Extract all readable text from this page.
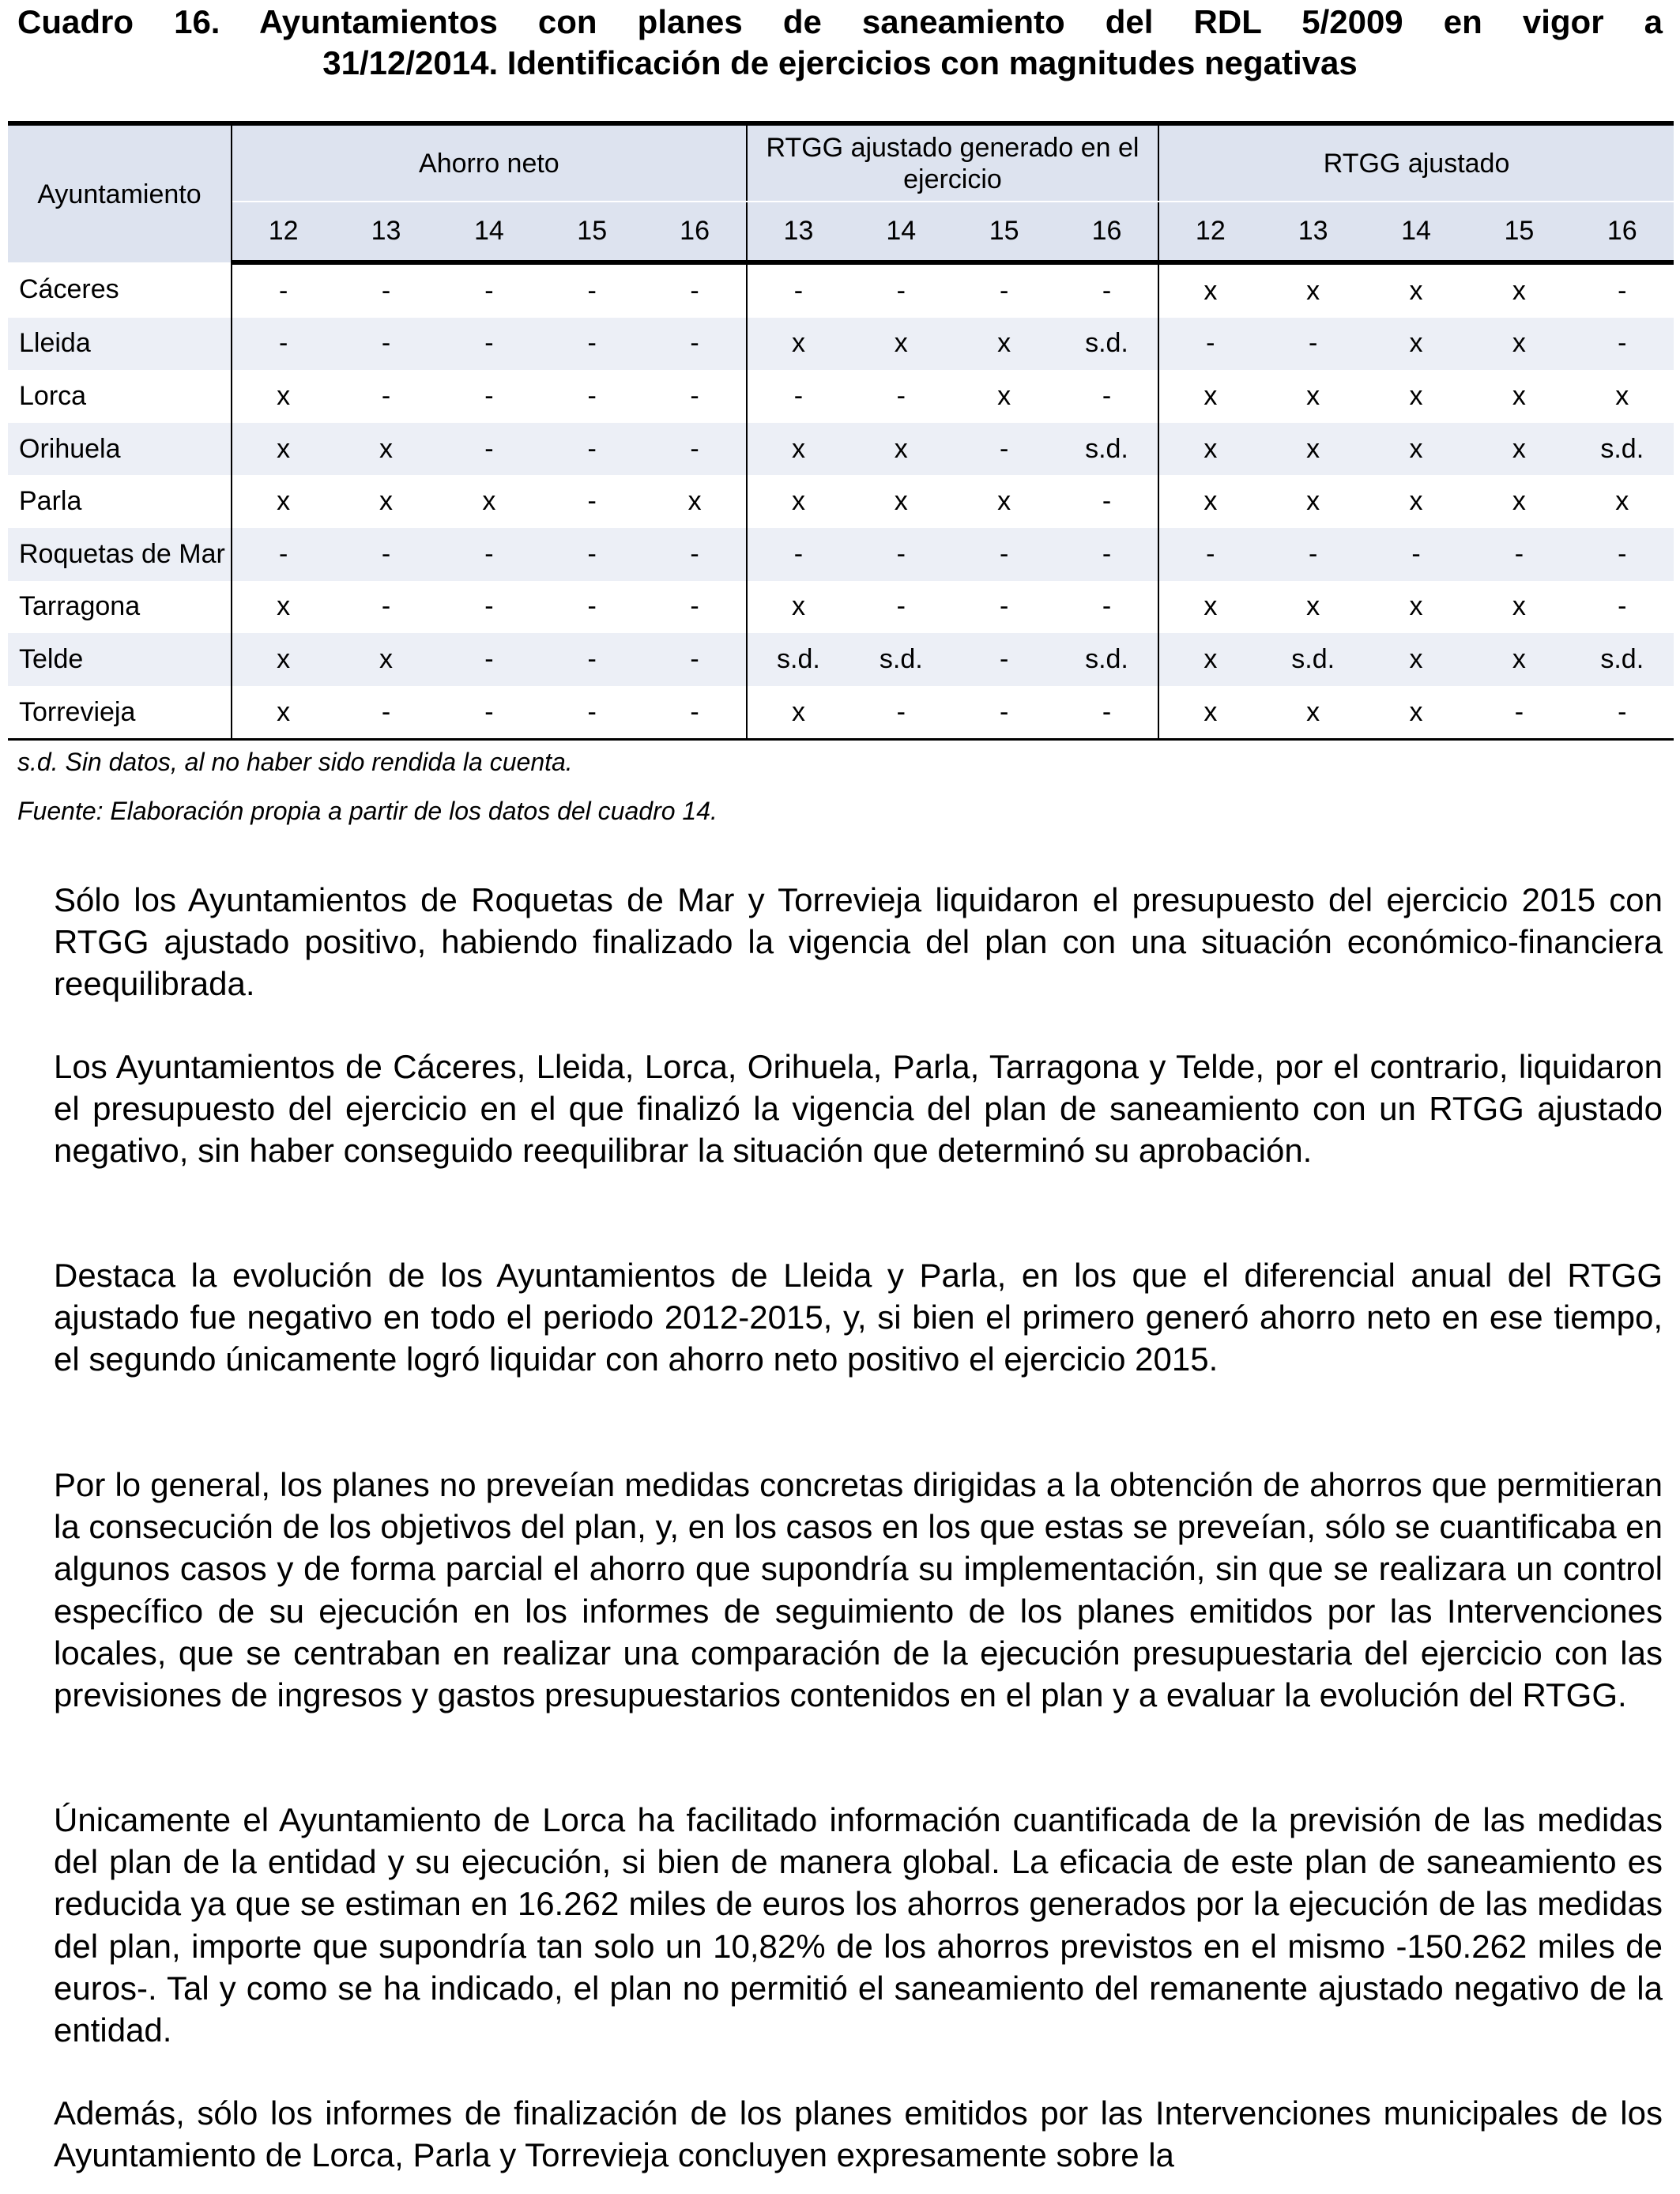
Cuadro 16. Ayuntamientos con planes de saneamiento del RDL 5/2009 en vigor a
31/12/2014. Identificación de ejercicios con magnitudes negativas
Ayuntamiento	Ahorro neto					RTGG ajustado generado en el ejercicio				RTGG ajustado				
	12	13	14	15	16	13	14	15	16	12	13	14	15	16
Cáceres	-	-	-	-	-	-	-	-	-	x	x	x	x	-
Lleida	-	-	-	-	-	x	x	x	s.d.	-	-	x	x	-
Lorca	x	-	-	-	-	-	-	x	-	x	x	x	x	x
Orihuela	x	x	-	-	-	x	x	-	s.d.	x	x	x	x	s.d.
Parla	x	x	x	-	x	x	x	x	-	x	x	x	x	x
Roquetas de Mar	-	-	-	-	-	-	-	-	-	-	-	-	-	-
Tarragona	x	-	-	-	-	x	-	-	-	x	x	x	x	-
Telde	x	x	-	-	-	s.d.	s.d.	-	s.d.	x	s.d.	x	x	s.d.
Torrevieja	x	-	-	-	-	x	-	-	-	x	x	x	-	-
s.d. Sin datos, al no haber sido rendida la cuenta.
Fuente: Elaboración propia a partir de los datos del cuadro 14.

Sólo los Ayuntamientos de Roquetas de Mar y Torrevieja liquidaron el presupuesto del ejercicio 2015 con RTGG ajustado positivo, habiendo finalizado la vigencia del plan con una situación económico-financiera reequilibrada.

Los Ayuntamientos de Cáceres, Lleida, Lorca, Orihuela, Parla, Tarragona y Telde, por el contrario, liquidaron el presupuesto del ejercicio en el que finalizó la vigencia del plan de saneamiento con un RTGG ajustado negativo, sin haber conseguido reequilibrar la situación que determinó su aprobación.

Destaca la evolución de los Ayuntamientos de Lleida y Parla, en los que el diferencial anual del RTGG ajustado fue negativo en todo el periodo 2012-2015, y, si bien el primero generó ahorro neto en ese tiempo, el segundo únicamente logró liquidar con ahorro neto positivo el ejercicio 2015.

Por lo general, los planes no preveían medidas concretas dirigidas a la obtención de ahorros que permitieran la consecución de los objetivos del plan, y, en los casos en los que estas se preveían, sólo se cuantificaba en algunos casos y de forma parcial el ahorro que supondría su implementación, sin que se realizara un control específico de su ejecución en los informes de seguimiento de los planes emitidos por las Intervenciones locales, que se centraban en realizar una comparación de la ejecución presupuestaria del ejercicio con las previsiones de ingresos y gastos presupuestarios contenidos en el plan y a evaluar la evolución del RTGG.

Únicamente el Ayuntamiento de Lorca ha facilitado información cuantificada de la previsión de las medidas del plan de la entidad y su ejecución, si bien de manera global. La eficacia de este plan de saneamiento es reducida ya que se estiman en 16.262 miles de euros los ahorros generados por la ejecución de las medidas del plan, importe que supondría tan solo un 10,82% de los ahorros previstos en el mismo -150.262 miles de euros-. Tal y como se ha indicado, el plan no permitió el saneamiento del remanente ajustado negativo de la entidad.

Además, sólo los informes de finalización de los planes emitidos por las Intervenciones municipales de los Ayuntamiento de Lorca, Parla y Torrevieja concluyen expresamente sobre la
